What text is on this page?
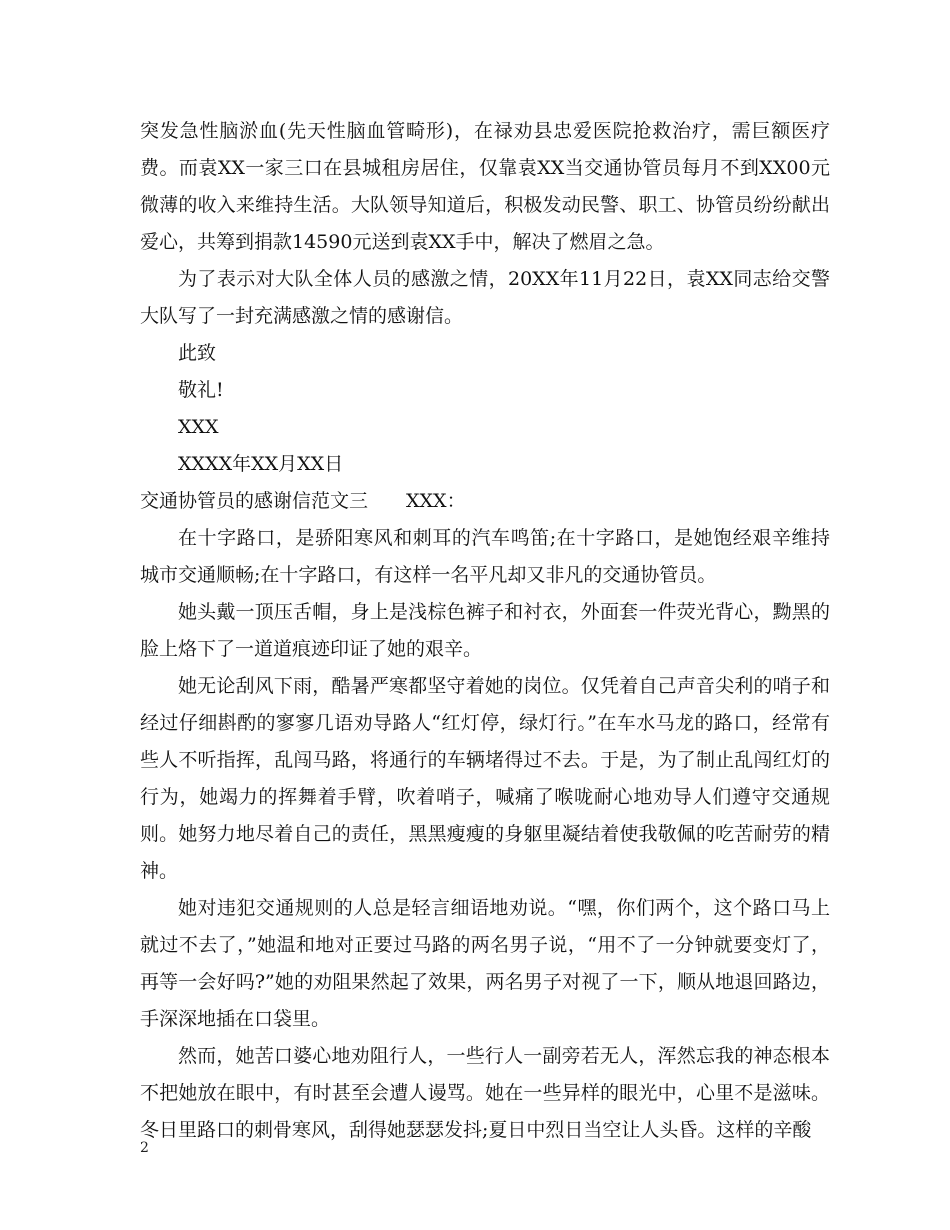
突发急性脑淤血(先天性脑血管畸形)，在禄劝县忠爱医院抢救治疗，需巨额医疗费。而袁XX一家三口在县城租房居住，仅靠袁XX当交通协管员每月不到XX00元微薄的收入来维持生活。大队领导知道后，积极发动民警、职工、协管员纷纷献出爱心，共筹到捐款14590元送到袁XX手中，解决了燃眉之急。

为了表示对大队全体人员的感激之情，20XX年11月22日，袁XX同志给交警大队写了一封充满感激之情的感谢信。

此致

敬礼!

XXX

XXXX年XX月XX日

交通协管员的感谢信范文三　　XXX：

在十字路口，是骄阳寒风和刺耳的汽车鸣笛;在十字路口，是她饱经艰辛维持城市交通顺畅;在十字路口，有这样一名平凡却又非凡的交通协管员。

她头戴一顶压舌帽，身上是浅棕色裤子和衬衣，外面套一件荧光背心，黝黑的脸上烙下了一道道痕迹印证了她的艰辛。

她无论刮风下雨，酷暑严寒都坚守着她的岗位。仅凭着自己声音尖利的哨子和经过仔细斟酌的寥寥几语劝导路人“红灯停，绿灯行。”在车水马龙的路口，经常有些人不听指挥，乱闯马路，将通行的车辆堵得过不去。于是，为了制止乱闯红灯的行为，她竭力的挥舞着手臂，吹着哨子，喊痛了喉咙耐心地劝导人们遵守交通规则。她努力地尽着自己的责任，黑黑瘦瘦的身躯里凝结着使我敬佩的吃苦耐劳的精神。

她对违犯交通规则的人总是轻言细语地劝说。“嘿，你们两个，这个路口马上就过不去了，”她温和地对正要过马路的两名男子说，“用不了一分钟就要变灯了，再等一会好吗?”她的劝阻果然起了效果，两名男子对视了一下，顺从地退回路边，手深深地插在口袋里。

然而，她苦口婆心地劝阻行人，一些行人一副旁若无人，浑然忘我的神态根本不把她放在眼中，有时甚至会遭人谩骂。她在一些异样的眼光中，心里不是滋味。冬日里路口的刺骨寒风，刮得她瑟瑟发抖;夏日中烈日当空让人头昏。这样的辛酸

2
